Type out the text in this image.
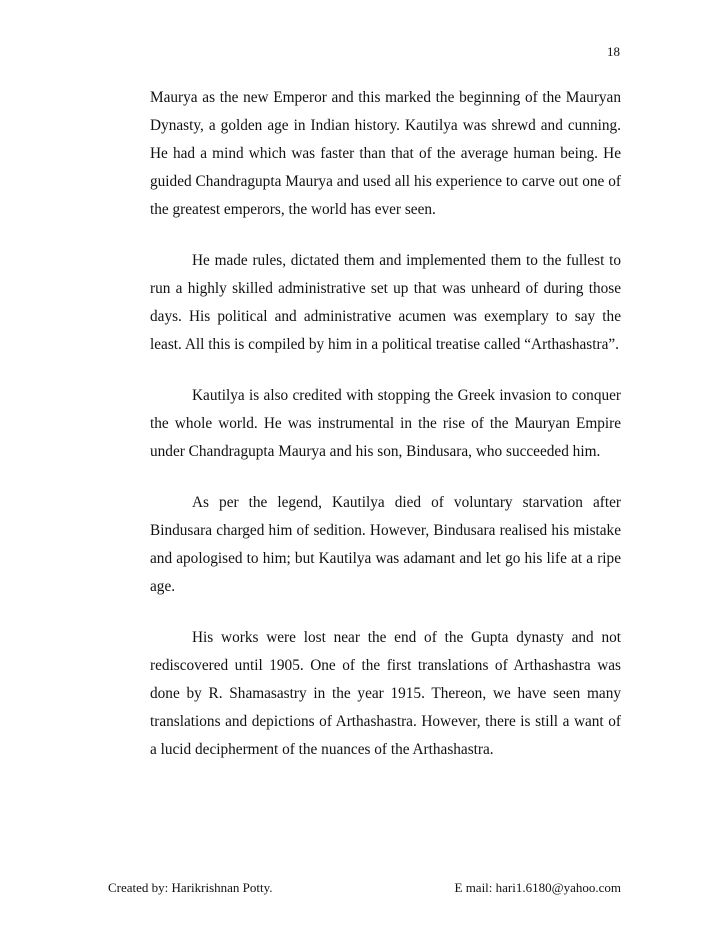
18

Maurya as the new Emperor and this marked the beginning of the Mauryan Dynasty, a golden age in Indian history. Kautilya was shrewd and cunning. He had a mind which was faster than that of the average human being. He guided Chandragupta Maurya and used all his experience to carve out one of the greatest emperors, the world has ever seen.

He made rules, dictated them and implemented them to the fullest to run a highly skilled administrative set up that was unheard of during those days. His political and administrative acumen was exemplary to say the least. All this is compiled by him in a political treatise called “Arthashastra”.

Kautilya is also credited with stopping the Greek invasion to conquer the whole world. He was instrumental in the rise of the Mauryan Empire under Chandragupta Maurya and his son, Bindusara, who succeeded him.

As per the legend, Kautilya died of voluntary starvation after Bindusara charged him of sedition. However, Bindusara realised his mistake and apologised to him; but Kautilya was adamant and let go his life at a ripe age.

His works were lost near the end of the Gupta dynasty and not rediscovered until 1905. One of the first translations of Arthashastra was done by R. Shamasastry in the year 1915. Thereon, we have seen many translations and depictions of Arthashastra. However, there is still a want of a lucid decipherment of the nuances of the Arthashastra.

Created by: Harikrishnan Potty.	E mail: hari1.6180@yahoo.com
